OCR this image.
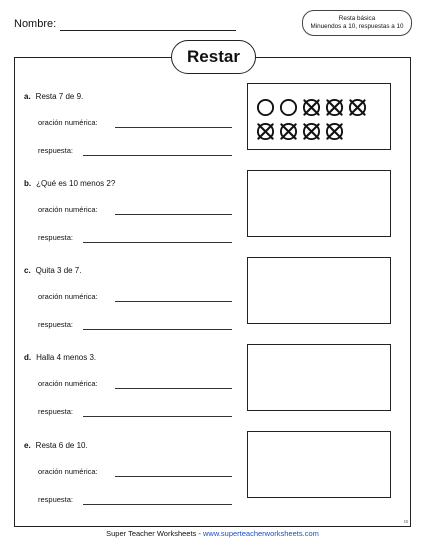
Nombre:	Resta básica
Minuendos a 10, respuestas a 10
Restar
a. Resta 7 de 9.
oración numérica:
respuesta:
b. ¿Qué es 10 menos 2?
oración numérica:
respuesta:
c. Quita 3 de 7.
oración numérica:
respuesta:
d. Halla 4 menos 3.
oración numérica:
respuesta:
e. Resta 6 de 10.
oración numérica:
respuesta:
Super Teacher Worksheets - www.superteacherworksheets.com
IS
